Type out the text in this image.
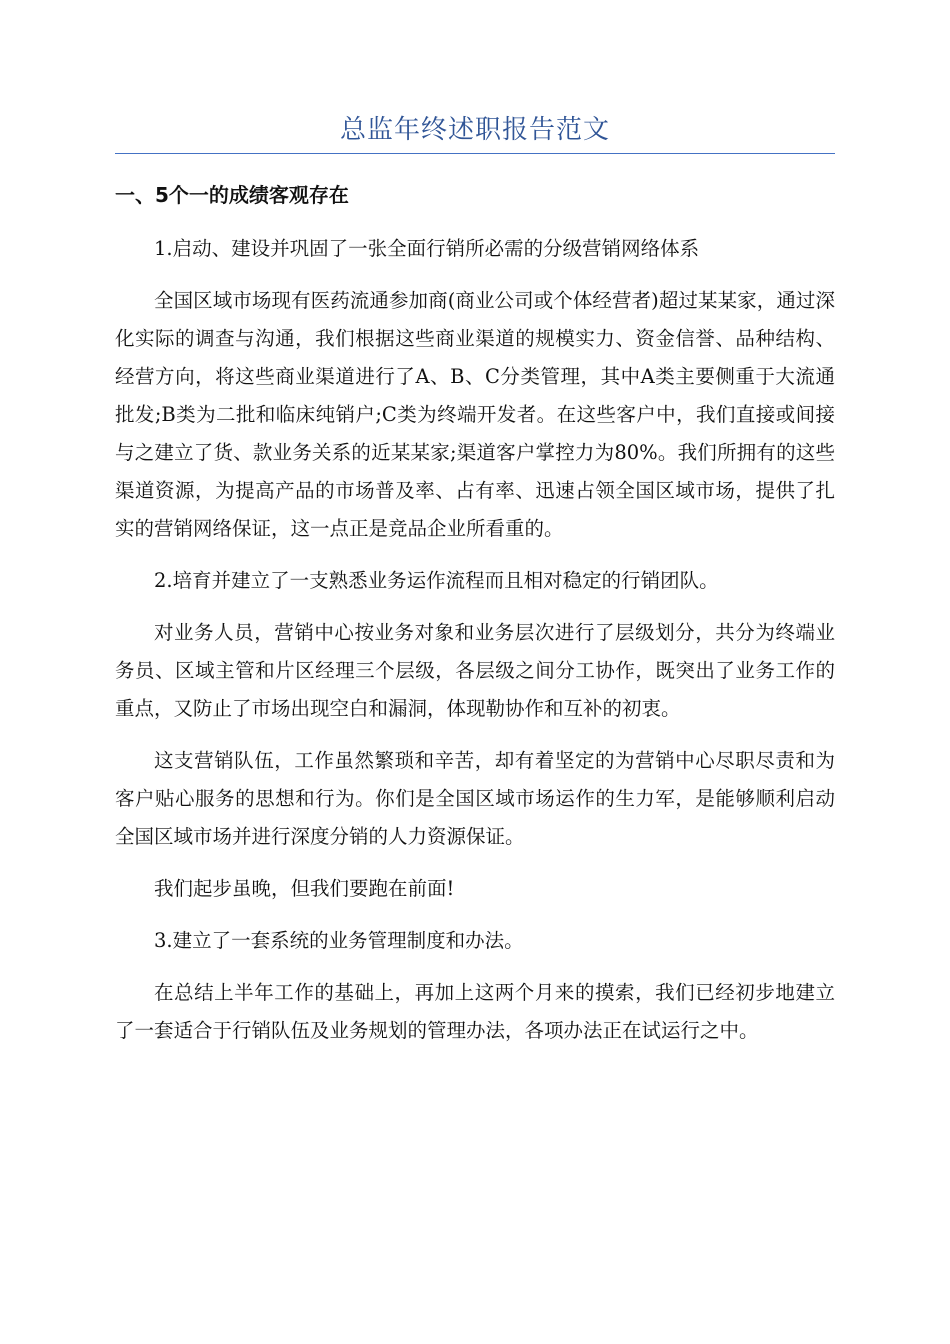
总监年终述职报告范文
一、5个一的成绩客观存在

1.启动、建设并巩固了一张全面行销所必需的分级营销网络体系

全国区域市场现有医药流通参加商(商业公司或个体经营者)超过某某家，通过深化实际的调查与沟通，我们根据这些商业渠道的规模实力、资金信誉、品种结构、经营方向，将这些商业渠道进行了A、B、C分类管理，其中A类主要侧重于大流通批发;B类为二批和临床纯销户;C类为终端开发者。在这些客户中，我们直接或间接与之建立了货、款业务关系的近某某家;渠道客户掌控力为80%。我们所拥有的这些渠道资源，为提高产品的市场普及率、占有率、迅速占领全国区域市场，提供了扎实的营销网络保证，这一点正是竞品企业所看重的。

2.培育并建立了一支熟悉业务运作流程而且相对稳定的行销团队。

对业务人员，营销中心按业务对象和业务层次进行了层级划分，共分为终端业务员、区域主管和片区经理三个层级，各层级之间分工协作，既突出了业务工作的重点，又防止了市场出现空白和漏洞，体现勒协作和互补的初衷。

这支营销队伍，工作虽然繁琐和辛苦，却有着坚定的为营销中心尽职尽责和为客户贴心服务的思想和行为。你们是全国区域市场运作的生力军，是能够顺利启动全国区域市场并进行深度分销的人力资源保证。

我们起步虽晚，但我们要跑在前面!

3.建立了一套系统的业务管理制度和办法。

在总结上半年工作的基础上，再加上这两个月来的摸索，我们已经初步地建立了一套适合于行销队伍及业务规划的管理办法，各项办法正在试运行之中。
